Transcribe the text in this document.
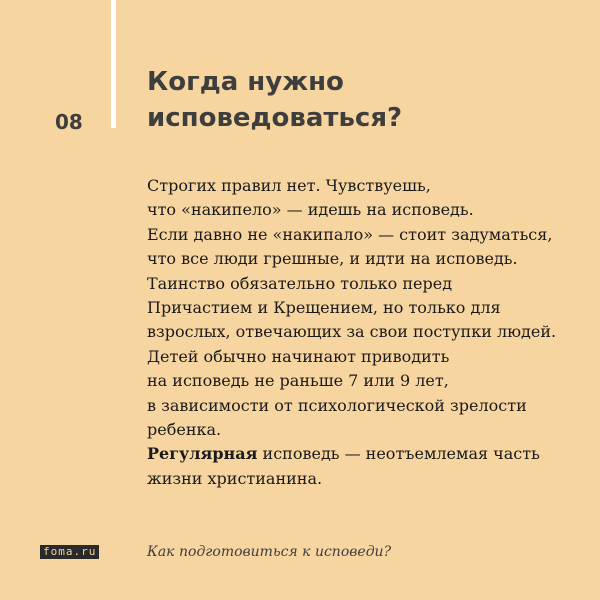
08
Когда нужно
исповедоваться?
Строгих правил нет. Чувствуешь,
что «накипело» — идешь на исповедь.
Если давно не «накипало» — стоит задуматься,
что все люди грешные, и идти на исповедь.
Таинство обязательно только перед
Причастием и Крещением, но только для
взрослых, отвечающих за свои поступки людей.
Детей обычно начинают приводить
на исповедь не раньше 7 или 9 лет,
в зависимости от психологической зрелости
ребенка.
Регулярная исповедь — неотъемлемая часть
жизни христианина.
foma.ru	Как подготовиться к исповеди?
